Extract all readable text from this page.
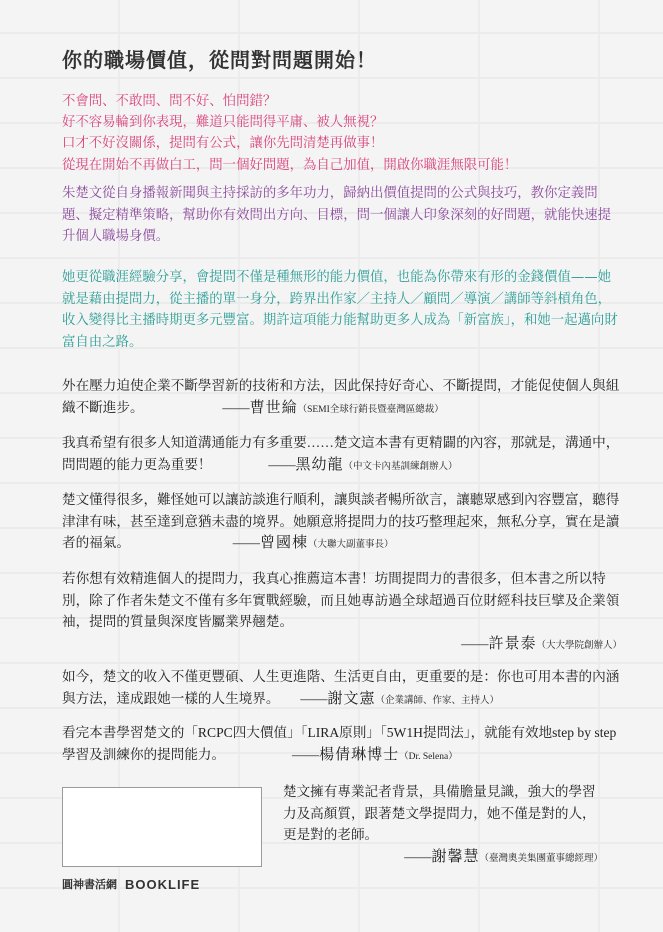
你的職場價值，從問對問題開始！

不會問、不敢問、問不好、怕問錯？

好不容易輪到你表現，難道只能問得平庸、被人無視？

口才不好沒關係，提問有公式，讓你先問清楚再做事！

從現在開始不再做白工，問一個好問題，為自己加值，開啟你職涯無限可能！

朱楚文從自身播報新聞與主持採訪的多年功力，歸納出價值提問的公式與技巧，教你定義問題、擬定精準策略，幫助你有效問出方向、目標，問一個讓人印象深刻的好問題，就能快速提升個人職場身價。

她更從職涯經驗分享，會提問不僅是種無形的能力價值，也能為你帶來有形的金錢價值——她就是藉由提問力，從主播的單一身分，跨界出作家／主持人／顧問／導演／講師等斜槓角色，收入變得比主播時期更多元豐富。期許這項能力能幫助更多人成為「新富族」，和她一起邁向財富自由之路。

外在壓力迫使企業不斷學習新的技術和方法，因此保持好奇心、不斷提問，才能促使個人與組織不斷進步。	——曹世綸（SEMI全球行銷長暨臺灣區總裁）
我真希望有很多人知道溝通能力有多重要……楚文這本書有更精闢的內容，那就是，溝通中，問問題的能力更為重要！	——黑幼龍（中文卡內基訓練創辦人）
楚文懂得很多，難怪她可以讓訪談進行順利，讓與談者暢所欲言，讓聽眾感到內容豐富，聽得津津有味，甚至達到意猶未盡的境界。她願意將提問力的技巧整理起來，無私分享，實在是讀者的福氣。	——曾國棟（大聯大副董事長）
若你想有效精進個人的提問力，我真心推薦這本書！坊間提問力的書很多，但本書之所以特別，除了作者朱楚文不僅有多年實戰經驗，而且她專訪過全球超過百位財經科技巨擘及企業領袖，提問的質量與深度皆屬業界翹楚。
——許景泰（大大學院創辦人）
如今，楚文的收入不僅更豐碩、人生更進階、生活更自由，更重要的是：你也可用本書的內涵與方法，達成跟她一樣的人生境界。 ——謝文憲（企業講師、作家、主持人）
看完本書學習楚文的「RCPC四大價值」「LIRA原則」「5W1H提問法」，就能有效地step by step學習及訓練你的提問能力。	——楊倩琳博士（Dr. Selena）
楚文擁有專業記者背景，具備膽量見識，強大的學習力及高顏質，跟著楚文學提問力，她不僅是對的人，更是對的老師。
——謝馨慧（臺灣奧美集團董事總經理）
圓神書活網 BOOKLIFE
